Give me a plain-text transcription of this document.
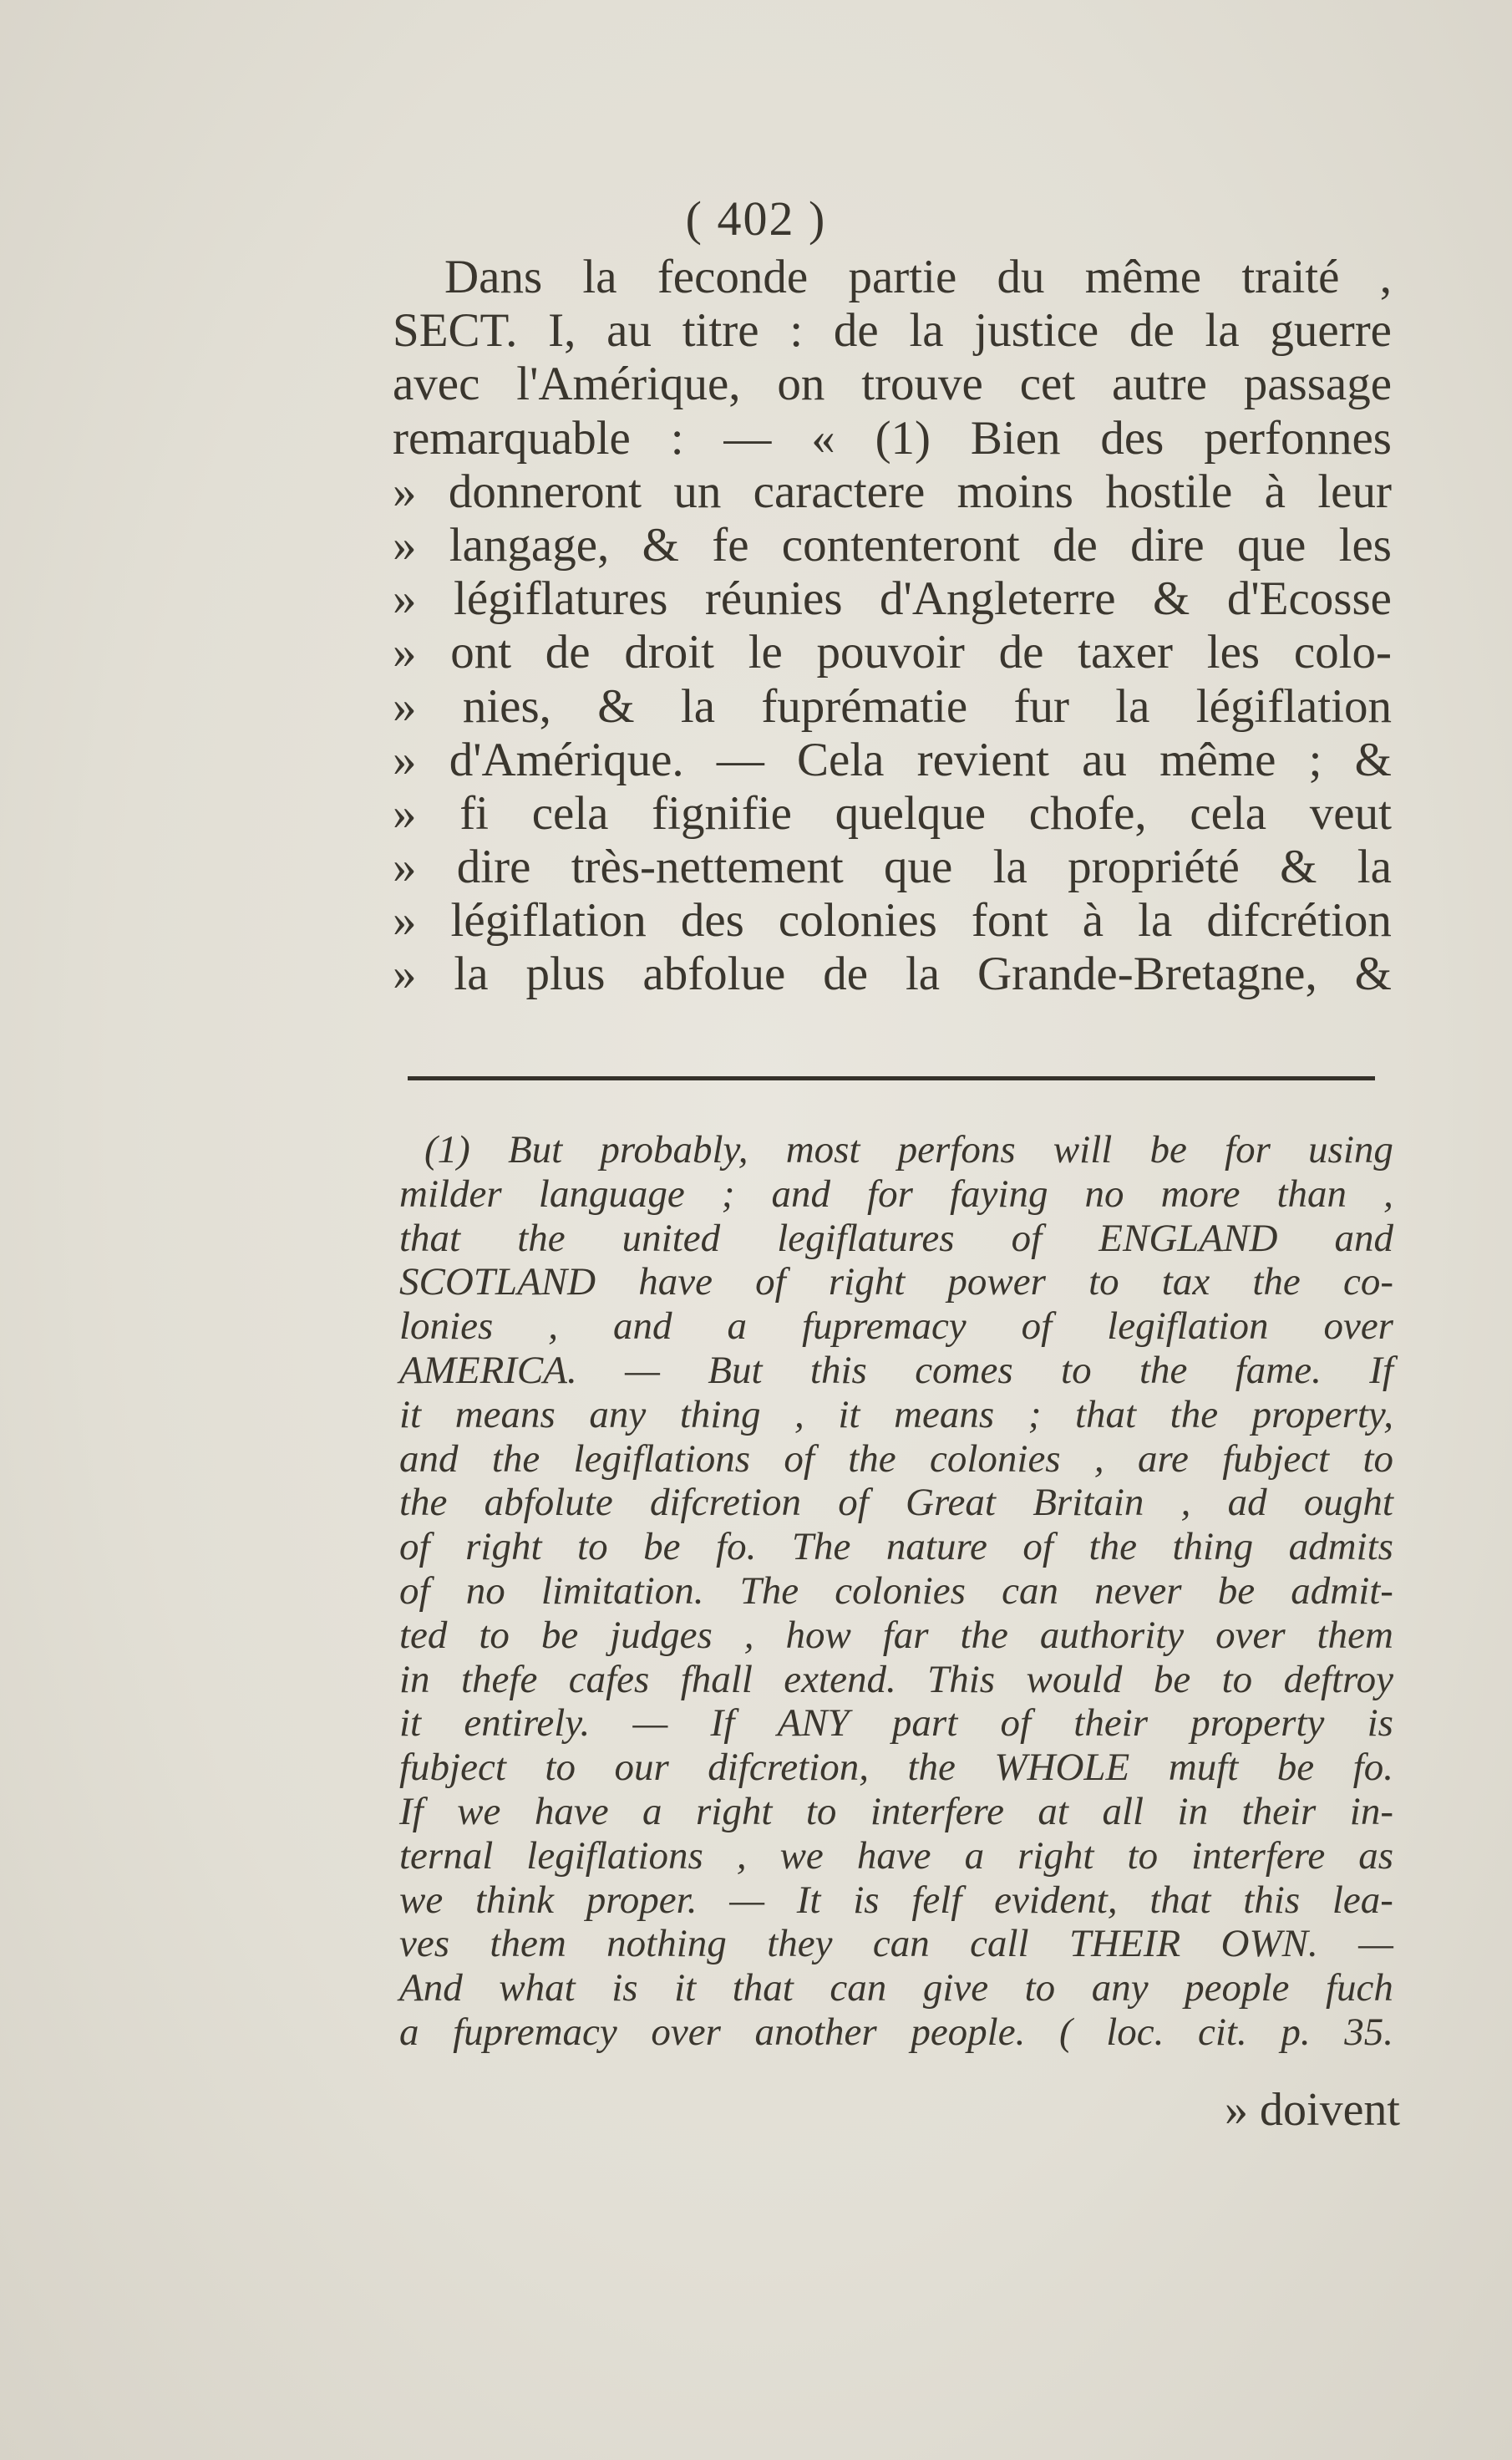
( 402 )
Dans la feconde partie du même traité ,
SECT. I, au titre : de la justice de la guerre
avec l'Amérique, on trouve cet autre passage
remarquable : — « (1) Bien des perfonnes
» donneront un caractere moins hostile à leur
» langage, & fe contenteront de dire que les
» légiflatures réunies d'Angleterre & d'Ecosse
» ont de droit le pouvoir de taxer les colo-
» nies, & la fuprématie fur la légiflation
» d'Amérique. — Cela revient au même ; &
» fi cela fignifie quelque chofe, cela veut
» dire très-nettement que la propriété & la
» légiflation des colonies font à la difcrétion
» la plus abfolue de la Grande-Bretagne, &
(1) But probably, most perfons will be for using
milder language ; and for faying no more than ,
that the united legiflatures of ENGLAND and
SCOTLAND have of right power to tax the co-
lonies , and a fupremacy of legiflation over
AMERICA. — But this comes to the fame. If
it means any thing , it means ; that the property,
and the legiflations of the colonies , are fubject to
the abfolute difcretion of Great Britain , ad ought
of right to be fo. The nature of the thing admits
of no limitation. The colonies can never be admit-
ted to be judges , how far the authority over them
in thefe cafes fhall extend. This would be to deftroy
it entirely. — If ANY part of their property is
fubject to our difcretion, the WHOLE muft be fo.
If we have a right to interfere at all in their in-
ternal legiflations , we have a right to interfere as
we think proper. — It is felf evident, that this lea-
ves them nothing they can call THEIR OWN. —
And what is it that can give to any people fuch
a fupremacy over another people. ( loc. cit. p. 35.
» doivent
